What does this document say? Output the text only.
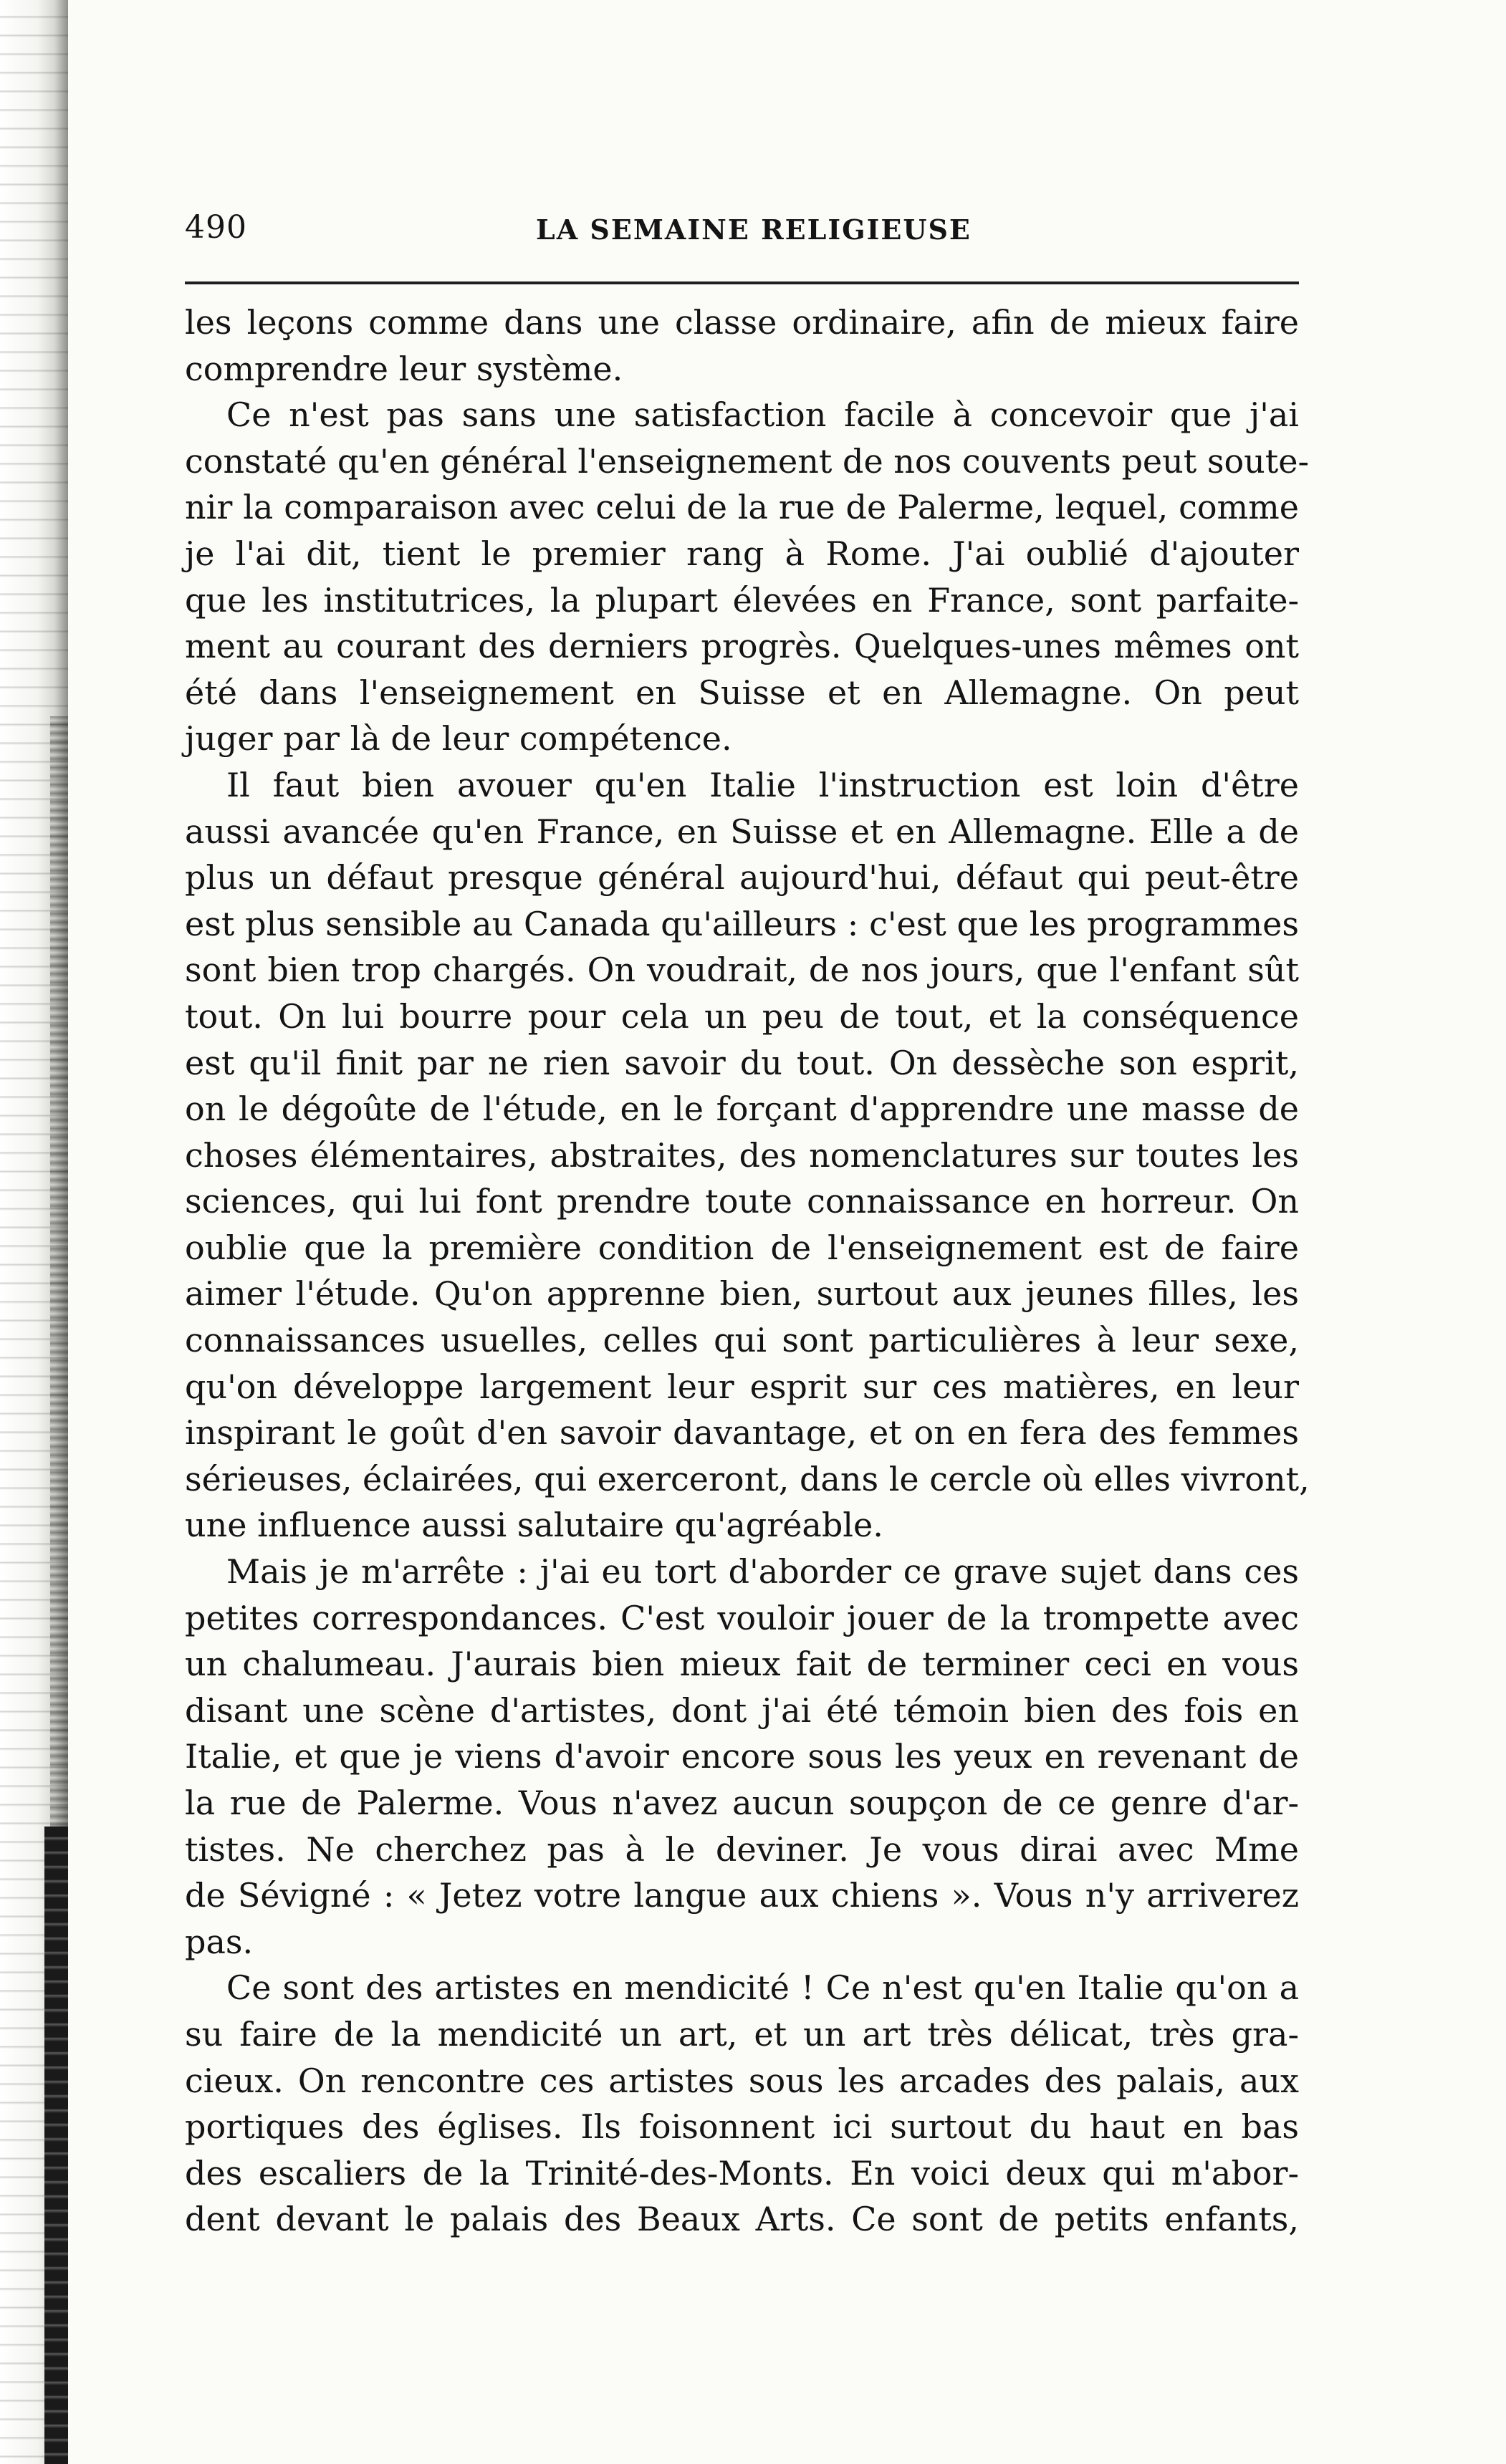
490	LA SEMAINE RELIGIEUSE
les leçons comme dans une classe ordinaire, afin de mieux faire
comprendre leur système.
Ce n'est pas sans une satisfaction facile à concevoir que j'ai
constaté qu'en général l'enseignement de nos couvents peut soute-
nir la comparaison avec celui de la rue de Palerme, lequel, comme
je l'ai dit, tient le premier rang à Rome. J'ai oublié d'ajouter
que les institutrices, la plupart élevées en France, sont parfaite-
ment au courant des derniers progrès. Quelques-unes mêmes ont
été dans l'enseignement en Suisse et en Allemagne. On peut
juger par là de leur compétence.
Il faut bien avouer qu'en Italie l'instruction est loin d'être
aussi avancée qu'en France, en Suisse et en Allemagne. Elle a de
plus un défaut presque général aujourd'hui, défaut qui peut-être
est plus sensible au Canada qu'ailleurs : c'est que les programmes
sont bien trop chargés. On voudrait, de nos jours, que l'enfant sût
tout. On lui bourre pour cela un peu de tout, et la conséquence
est qu'il finit par ne rien savoir du tout. On dessèche son esprit,
on le dégoûte de l'étude, en le forçant d'apprendre une masse de
choses élémentaires, abstraites, des nomenclatures sur toutes les
sciences, qui lui font prendre toute connaissance en horreur. On
oublie que la première condition de l'enseignement est de faire
aimer l'étude. Qu'on apprenne bien, surtout aux jeunes filles, les
connaissances usuelles, celles qui sont particulières à leur sexe,
qu'on développe largement leur esprit sur ces matières, en leur
inspirant le goût d'en savoir davantage, et on en fera des femmes
sérieuses, éclairées, qui exerceront, dans le cercle où elles vivront,
une influence aussi salutaire qu'agréable.
Mais je m'arrête : j'ai eu tort d'aborder ce grave sujet dans ces
petites correspondances. C'est vouloir jouer de la trompette avec
un chalumeau. J'aurais bien mieux fait de terminer ceci en vous
disant une scène d'artistes, dont j'ai été témoin bien des fois en
Italie, et que je viens d'avoir encore sous les yeux en revenant de
la rue de Palerme. Vous n'avez aucun soupçon de ce genre d'ar-
tistes. Ne cherchez pas à le deviner. Je vous dirai avec Mme
de Sévigné : « Jetez votre langue aux chiens ». Vous n'y arriverez
pas.
Ce sont des artistes en mendicité ! Ce n'est qu'en Italie qu'on a
su faire de la mendicité un art, et un art très délicat, très gra-
cieux. On rencontre ces artistes sous les arcades des palais, aux
portiques des églises. Ils foisonnent ici surtout du haut en bas
des escaliers de la Trinité-des-Monts. En voici deux qui m'abor-
dent devant le palais des Beaux Arts. Ce sont de petits enfants,
